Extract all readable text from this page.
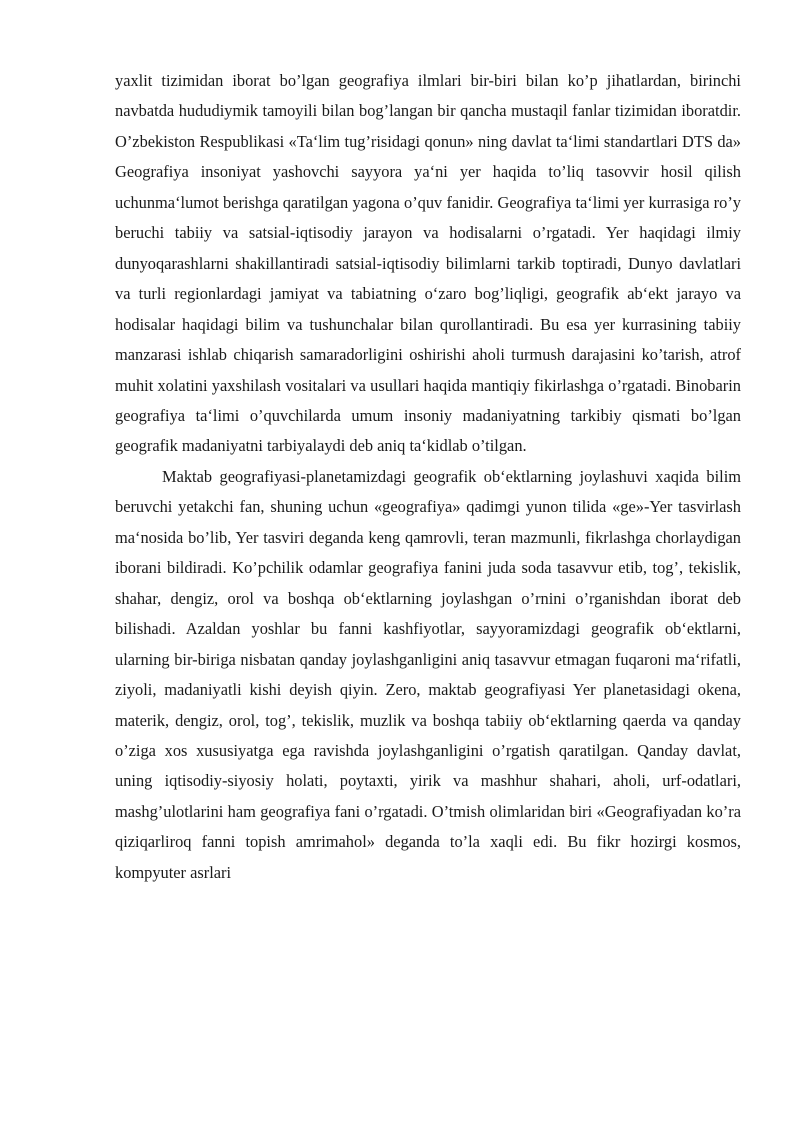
yaxlit tizimidan iborat bo’lgan geografiya ilmlari bir-biri bilan ko’p jihatlardan, birinchi navbatda hududiymik tamoyili bilan bog’langan bir qancha mustaqil fanlar tizimidan iboratdir. O’zbekiston Respublikasi «Ta‘lim tug’risidagi qonun» ning davlat ta‘limi standartlari DTS da» Geografiya insoniyat yashovchi sayyora ya‘ni yer haqida to’liq tasovvir hosil qilish uchunma‘lumot berishga qaratilgan yagona o’quv fanidir. Geografiya ta‘limi yer kurrasiga ro’y beruchi tabiiy va satsial-iqtisodiy jarayon va hodisalarni o’rgatadi. Yer haqidagi ilmiy dunyoqarashlarni shakillantiradi satsial-iqtisodiy bilimlarni tarkib toptiradi, Dunyo davlatlari va turli regionlardagi jamiyat va tabiatning o‘zaro bog’liqligi, geografik ab‘ekt jarayo va hodisalar haqidagi bilim va tushunchalar bilan qurollantiradi. Bu esa yer kurrasining tabiiy manzarasi ishlab chiqarish samaradorligini oshirishi aholi turmush darajasini ko’tarish, atrof muhit xolatini yaxshilash vositalari va usullari haqida mantiqiy fikirlashga o’rgatadi. Binobarin geografiya ta‘limi o’quvchilarda umum insoniy madaniyatning tarkibiy qismati bo’lgan geografik madaniyatni tarbiyalaydi deb aniq ta‘kidlab o’tilgan.

Maktab geografiyasi-planetamizdagi geografik ob‘ektlarning joylashuvi xaqida bilim beruvchi yetakchi fan, shuning uchun «geografiya» qadimgi yunon tilida «ge»-Yer tasvirlash ma‘nosida bo’lib, Yer tasviri deganda keng qamrovli, teran mazmunli, fikrlashga chorlaydigan iborani bildiradi. Ko’pchilik odamlar geografiya fanini juda soda tasavvur etib, tog’, tekislik, shahar, dengiz, orol va boshqa ob‘ektlarning joylashgan o’rnini o’rganishdan iborat deb bilishadi. Azaldan yoshlar bu fanni kashfiyotlar, sayyoramizdagi geografik ob‘ektlarni, ularning bir-biriga nisbatan qanday joylashganligini aniq tasavvur etmagan fuqaroni ma‘rifatli, ziyoli, madaniyatli kishi deyish qiyin. Zero, maktab geografiyasi Yer planetasidagi okena, materik, dengiz, orol, tog’, tekislik, muzlik va boshqa tabiiy ob‘ektlarning qaerda va qanday o’ziga xos xususiyatga ega ravishda joylashganligini o’rgatish qaratilgan. Qanday davlat, uning iqtisodiy-siyosiy holati, poytaxti, yirik va mashhur shahari, aholi, urf-odatlari, mashg’ulotlarini ham geografiya fani o’rgatadi. O’tmish olimlaridan biri «Geografiyadan ko’ra qiziqarliroq fanni topish amrimahol» deganda to’la xaqli edi. Bu fikr hozirgi kosmos, kompyuter asrlari
